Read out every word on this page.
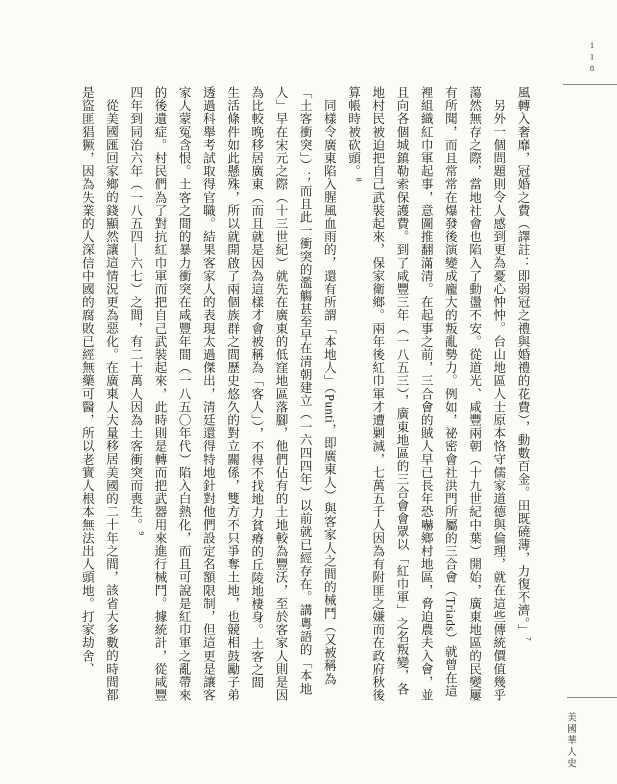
118

風轉入奢靡，冠婚之費（譯註：即弱冠之禮與婚禮的花費），動數百金。田既磽薄，力復不濟。」$^7$

另外一個問題則令人感到更為憂心忡忡。台山地區人士原本恪守儒家道德與倫理，就在這些傳統價值幾乎蕩然無存之際，當地社會也陷入了動盪不安。從道光、咸豐兩朝（十九世紀中葉）開始，廣東地區的民變屢有所聞，而且常常在爆發後演變成龐大的叛亂勢力。例如，祕密會社洪門所屬的三合會（Triads）就曾在這裡組織紅巾軍起事，意圖推翻滿清。在起事之前，三合會的賊人早已長年恐嚇鄉村地區，脅迫農夫入會，並且向各個城鎮勒索保護費。到了咸豐三年（一八五三），廣東地區的三合會會眾以「紅巾軍」之名叛變，各地村民被迫把自己武裝起來，保家衛鄉。兩年後紅巾軍才遭剿滅，七萬五千人因為有附匪之嫌而在政府秋後算帳時被砍頭。$^8$

同樣令廣東陷入腥風血雨的，還有所謂「本地人」（Punti，即廣東人）與客家人之間的械鬥（又被稱為「土客衝突」）；而且此一衝突的濫觴甚至早在清朝建立（一六四四年）以前就已經存在。講粵語的「本地人」早在宋元之際（十三世紀）就先在廣東的低窪地區落腳，他們佔有的土地較為豐沃，至於客家人則是因為比較晚移居廣東（而且就是因為這樣才會被稱為「客人」），不得不找地力貧瘠的丘陵地棲身。土客之間生活條件如此懸殊，所以就開啟了兩個族群之間歷史悠久的對立關係，雙方不只爭奪土地，也競相鼓勵子弟透過科舉考試取得官職。結果客家人的表現太過傑出，清廷還得特地針對他們設定名額限制，但這更是讓客家人蒙冤含恨。土客之間的暴力衝突在咸豐年間（一八五〇年代）陷入白熱化，而且可說是紅巾軍之亂帶來的後遺症。村民們為了對抗紅巾軍而把自己武裝起來，此時則是轉而把武器用來進行械鬥。據統計，從咸豐四年到同治六年（一八五四—六七）之間，有二十萬人因為土客衝突而喪生。$^9$

從美國匯回家鄉的錢顯然讓這情況更為惡化。在廣東人大量移居美國的二十年之間，該省大多數的時間都是盜匪猖獗，因為失業的人深信中國的腐敗已經無藥可醫，所以老實人根本無法出人頭地。打家劫舍、

美國華人史
